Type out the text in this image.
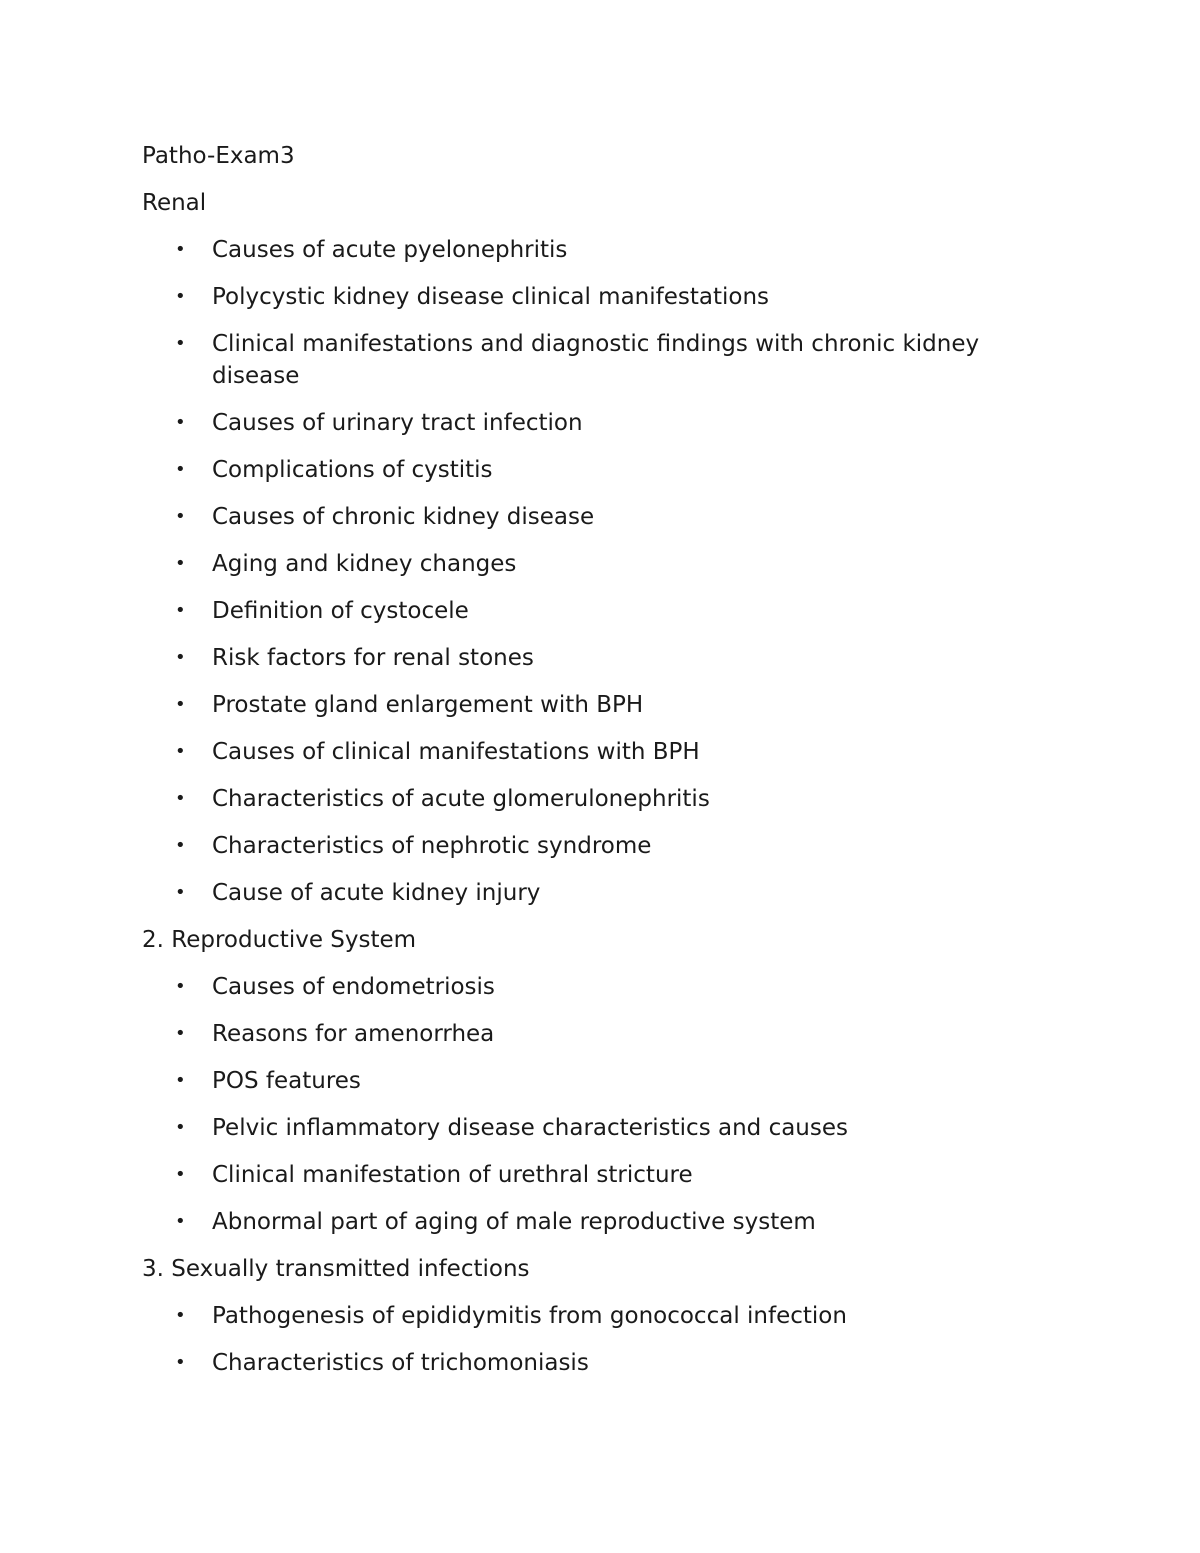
Patho-Exam3

Renal

• Causes of acute pyelonephritis
• Polycystic kidney disease clinical manifestations
• Clinical manifestations and diagnostic findings with chronic kidney disease
• Causes of urinary tract infection
• Complications of cystitis
• Causes of chronic kidney disease
• Aging and kidney changes
• Definition of cystocele
• Risk factors for renal stones
• Prostate gland enlargement with BPH
• Causes of clinical manifestations with BPH
• Characteristics of acute glomerulonephritis
• Characteristics of nephrotic syndrome
• Cause of acute kidney injury

2. Reproductive System

• Causes of endometriosis
• Reasons for amenorrhea
• POS features
• Pelvic inflammatory disease characteristics and causes
• Clinical manifestation of urethral stricture
• Abnormal part of aging of male reproductive system

3. Sexually transmitted infections

• Pathogenesis of epididymitis from gonococcal infection
• Characteristics of trichomoniasis
